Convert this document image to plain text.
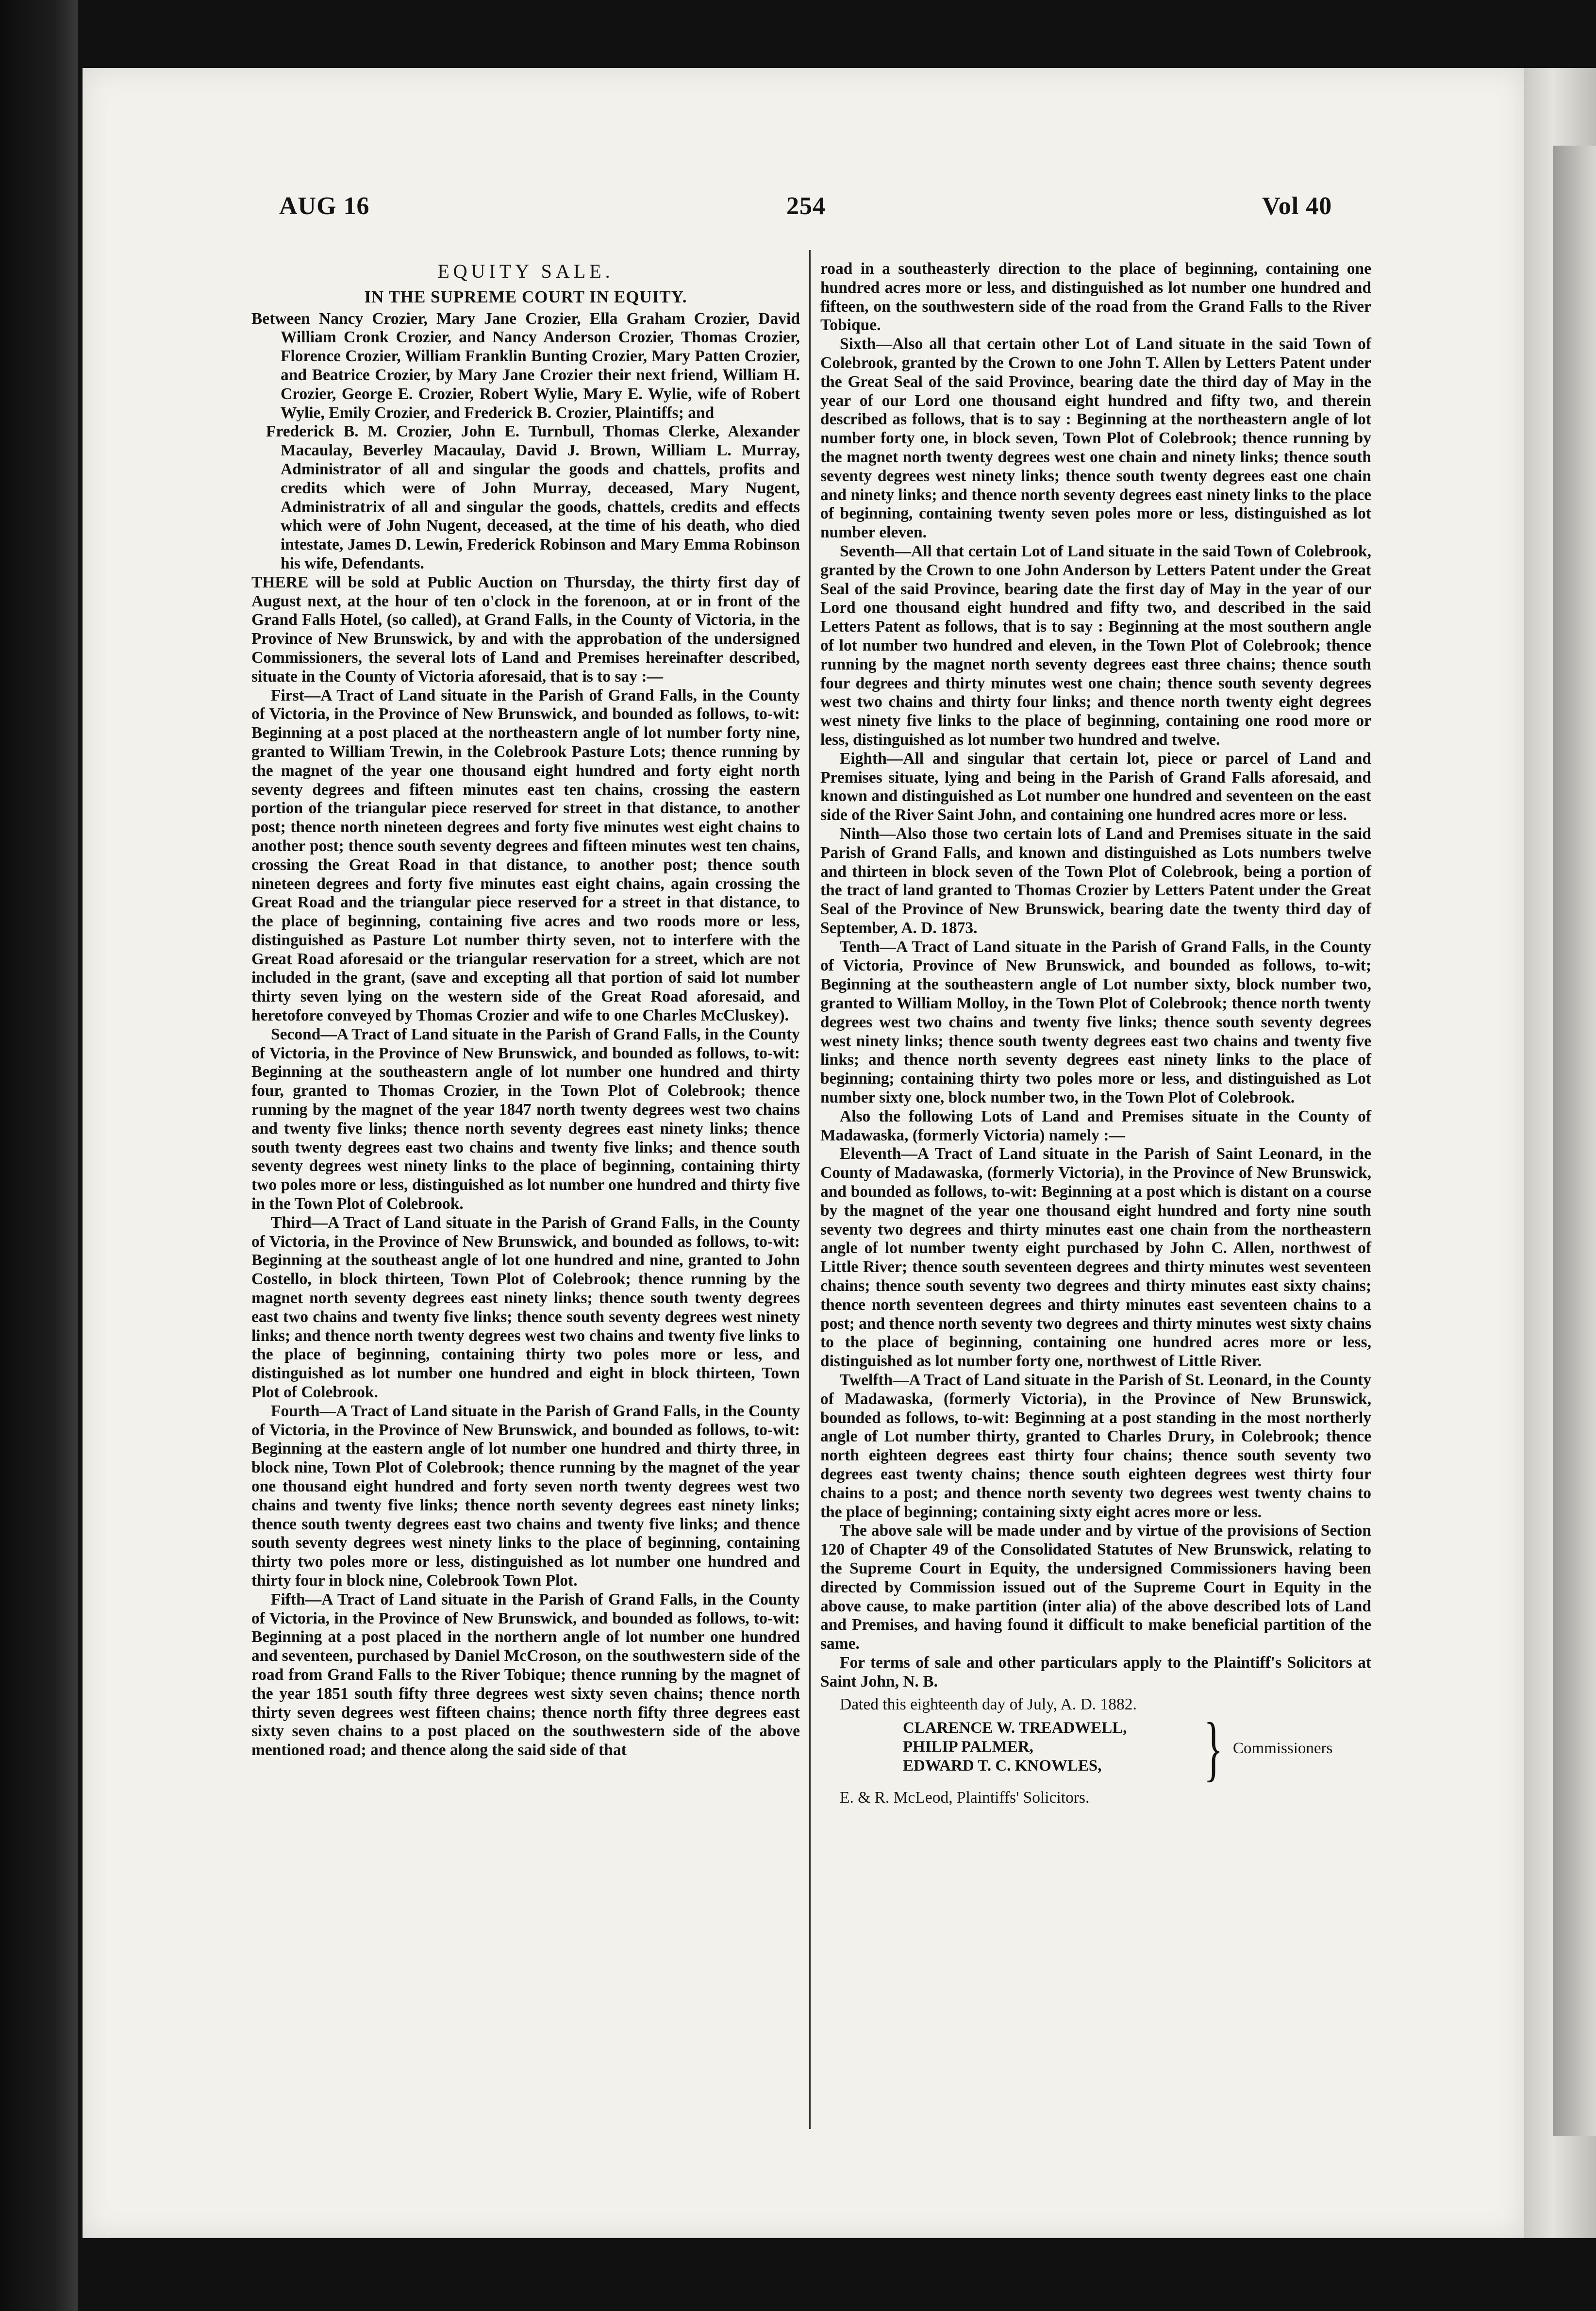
AUG 16	254	Vol 40
EQUITY SALE.
IN THE SUPREME COURT IN EQUITY.
Between Nancy Crozier, Mary Jane Crozier, Ella Graham Crozier, David William Cronk Crozier, and Nancy Anderson Crozier, Thomas Crozier, Florence Crozier, William Franklin Bunting Crozier, Mary Patten Crozier, and Beatrice Crozier, by Mary Jane Crozier their next friend, William H. Crozier, George E. Crozier, Robert Wylie, Mary E. Wylie, wife of Robert Wylie, Emily Crozier, and Frederick B. Crozier, Plaintiffs; and
Frederick B. M. Crozier, John E. Turnbull, Thomas Clerke, Alexander Macaulay, Beverley Macaulay, David J. Brown, William L. Murray, Administrator of all and singular the goods and chattels, profits and credits which were of John Murray, deceased, Mary Nugent, Administratrix of all and singular the goods, chattels, credits and effects which were of John Nugent, deceased, at the time of his death, who died intestate, James D. Lewin, Frederick Robinson and Mary Emma Robinson his wife, Defendants.
THERE will be sold at Public Auction on Thursday, the thirty first day of August next, at the hour of ten o'clock in the forenoon, at or in front of the Grand Falls Hotel, (so called), at Grand Falls, in the County of Victoria, in the Province of New Brunswick, by and with the approbation of the undersigned Commissioners, the several lots of Land and Premises hereinafter described, situate in the County of Victoria aforesaid, that is to say :—
First—A Tract of Land situate in the Parish of Grand Falls, in the County of Victoria, in the Province of New Brunswick, and bounded as follows, to-wit: Beginning at a post placed at the northeastern angle of lot number forty nine, granted to William Trewin, in the Colebrook Pasture Lots; thence running by the magnet of the year one thousand eight hundred and forty eight north seventy degrees and fifteen minutes east ten chains, crossing the eastern portion of the triangular piece reserved for street in that distance, to another post; thence north nineteen degrees and forty five minutes west eight chains to another post; thence south seventy degrees and fifteen minutes west ten chains, crossing the Great Road in that distance, to another post; thence south nineteen degrees and forty five minutes east eight chains, again crossing the Great Road and the triangular piece reserved for a street in that distance, to the place of beginning, containing five acres and two roods more or less, distinguished as Pasture Lot number thirty seven, not to interfere with the Great Road aforesaid or the triangular reservation for a street, which are not included in the grant, (save and excepting all that portion of said lot number thirty seven lying on the western side of the Great Road aforesaid, and heretofore conveyed by Thomas Crozier and wife to one Charles McCluskey).
Second—A Tract of Land situate in the Parish of Grand Falls, in the County of Victoria, in the Province of New Brunswick, and bounded as follows, to-wit: Beginning at the southeastern angle of lot number one hundred and thirty four, granted to Thomas Crozier, in the Town Plot of Colebrook; thence running by the magnet of the year 1847 north twenty degrees west two chains and twenty five links; thence north seventy degrees east ninety links; thence south twenty degrees east two chains and twenty five links; and thence south seventy degrees west ninety links to the place of beginning, containing thirty two poles more or less, distinguished as lot number one hundred and thirty five in the Town Plot of Colebrook.
Third—A Tract of Land situate in the Parish of Grand Falls, in the County of Victoria, in the Province of New Brunswick, and bounded as follows, to-wit: Beginning at the southeast angle of lot one hundred and nine, granted to John Costello, in block thirteen, Town Plot of Colebrook; thence running by the magnet north seventy degrees east ninety links; thence south twenty degrees east two chains and twenty five links; thence south seventy degrees west ninety links; and thence north twenty degrees west two chains and twenty five links to the place of beginning, containing thirty two poles more or less, and distinguished as lot number one hundred and eight in block thirteen, Town Plot of Colebrook.
Fourth—A Tract of Land situate in the Parish of Grand Falls, in the County of Victoria, in the Province of New Brunswick, and bounded as follows, to-wit: Beginning at the eastern angle of lot number one hundred and thirty three, in block nine, Town Plot of Colebrook; thence running by the magnet of the year one thousand eight hundred and forty seven north twenty degrees west two chains and twenty five links; thence north seventy degrees east ninety links; thence south twenty degrees east two chains and twenty five links; and thence south seventy degrees west ninety links to the place of beginning, containing thirty two poles more or less, distinguished as lot number one hundred and thirty four in block nine, Colebrook Town Plot.
Fifth—A Tract of Land situate in the Parish of Grand Falls, in the County of Victoria, in the Province of New Brunswick, and bounded as follows, to-wit: Beginning at a post placed in the northern angle of lot number one hundred and seventeen, purchased by Daniel McCroson, on the southwestern side of the road from Grand Falls to the River Tobique; thence running by the magnet of the year 1851 south fifty three degrees west sixty seven chains; thence north thirty seven degrees west fifteen chains; thence north fifty three degrees east sixty seven chains to a post placed on the southwestern side of the above mentioned road; and thence along the said side of that
road in a southeasterly direction to the place of beginning, containing one hundred acres more or less, and distinguished as lot number one hundred and fifteen, on the southwestern side of the road from the Grand Falls to the River Tobique.
Sixth—Also all that certain other Lot of Land situate in the said Town of Colebrook, granted by the Crown to one John T. Allen by Letters Patent under the Great Seal of the said Province, bearing date the third day of May in the year of our Lord one thousand eight hundred and fifty two, and therein described as follows, that is to say : Beginning at the northeastern angle of lot number forty one, in block seven, Town Plot of Colebrook; thence running by the magnet north twenty degrees west one chain and ninety links; thence south seventy degrees west ninety links; thence south twenty degrees east one chain and ninety links; and thence north seventy degrees east ninety links to the place of beginning, containing twenty seven poles more or less, distinguished as lot number eleven.
Seventh—All that certain Lot of Land situate in the said Town of Colebrook, granted by the Crown to one John Anderson by Letters Patent under the Great Seal of the said Province, bearing date the first day of May in the year of our Lord one thousand eight hundred and fifty two, and described in the said Letters Patent as follows, that is to say : Beginning at the most southern angle of lot number two hundred and eleven, in the Town Plot of Colebrook; thence running by the magnet north seventy degrees east three chains; thence south four degrees and thirty minutes west one chain; thence south seventy degrees west two chains and thirty four links; and thence north twenty eight degrees west ninety five links to the place of beginning, containing one rood more or less, distinguished as lot number two hundred and twelve.
Eighth—All and singular that certain lot, piece or parcel of Land and Premises situate, lying and being in the Parish of Grand Falls aforesaid, and known and distinguished as Lot number one hundred and seventeen on the east side of the River Saint John, and containing one hundred acres more or less.
Ninth—Also those two certain lots of Land and Premises situate in the said Parish of Grand Falls, and known and distinguished as Lots numbers twelve and thirteen in block seven of the Town Plot of Colebrook, being a portion of the tract of land granted to Thomas Crozier by Letters Patent under the Great Seal of the Province of New Brunswick, bearing date the twenty third day of September, A. D. 1873.
Tenth—A Tract of Land situate in the Parish of Grand Falls, in the County of Victoria, Province of New Brunswick, and bounded as follows, to-wit; Beginning at the southeastern angle of Lot number sixty, block number two, granted to William Molloy, in the Town Plot of Colebrook; thence north twenty degrees west two chains and twenty five links; thence south seventy degrees west ninety links; thence south twenty degrees east two chains and twenty five links; and thence north seventy degrees east ninety links to the place of beginning; containing thirty two poles more or less, and distinguished as Lot number sixty one, block number two, in the Town Plot of Colebrook.
Also the following Lots of Land and Premises situate in the County of Madawaska, (formerly Victoria) namely :—
Eleventh—A Tract of Land situate in the Parish of Saint Leonard, in the County of Madawaska, (formerly Victoria), in the Province of New Brunswick, and bounded as follows, to-wit: Beginning at a post which is distant on a course by the magnet of the year one thousand eight hundred and forty nine south seventy two degrees and thirty minutes east one chain from the northeastern angle of lot number twenty eight purchased by John C. Allen, northwest of Little River; thence south seventeen degrees and thirty minutes west seventeen chains; thence south seventy two degrees and thirty minutes east sixty chains; thence north seventeen degrees and thirty minutes east seventeen chains to a post; and thence north seventy two degrees and thirty minutes west sixty chains to the place of beginning, containing one hundred acres more or less, distinguished as lot number forty one, northwest of Little River.
Twelfth—A Tract of Land situate in the Parish of St. Leonard, in the County of Madawaska, (formerly Victoria), in the Province of New Brunswick, bounded as follows, to-wit: Beginning at a post standing in the most northerly angle of Lot number thirty, granted to Charles Drury, in Colebrook; thence north eighteen degrees east thirty four chains; thence south seventy two degrees east twenty chains; thence south eighteen degrees west thirty four chains to a post; and thence north seventy two degrees west twenty chains to the place of beginning; containing sixty eight acres more or less.
The above sale will be made under and by virtue of the provisions of Section 120 of Chapter 49 of the Consolidated Statutes of New Brunswick, relating to the Supreme Court in Equity, the undersigned Commissioners having been directed by Commission issued out of the Supreme Court in Equity in the above cause, to make partition (inter alia) of the above described lots of Land and Premises, and having found it difficult to make beneficial partition of the same.
For terms of sale and other particulars apply to the Plaintiff's Solicitors at Saint John, N. B.
Dated this eighteenth day of July, A. D. 1882.
CLARENCE W. TREADWELL,
PHILIP PALMER,
EDWARD T. C. KNOWLES,	} Commissioners
E. & R. McLeod, Plaintiffs' Solicitors.
